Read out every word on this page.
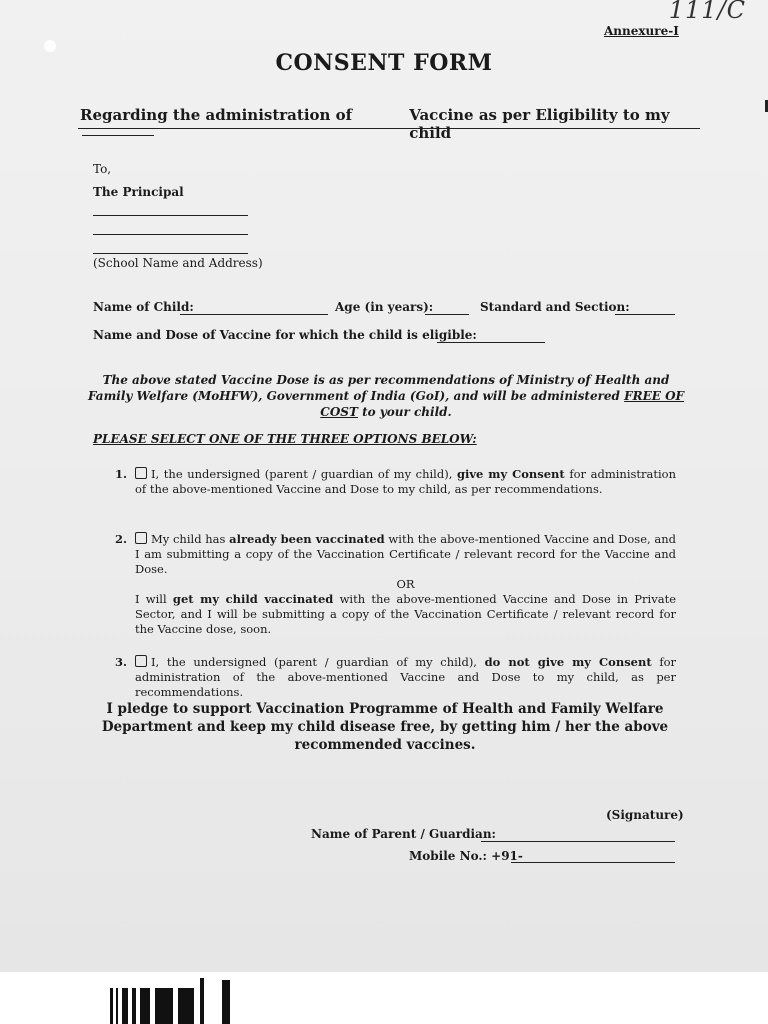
111/C
Annexure-I
CONSENT FORM
Regarding the administration of	Vaccine as per Eligibility to my child
To,
The Principal
(School Name and Address)
Name of Child:	Age (in years):	Standard and Section:
Name and Dose of Vaccine for which the child is eligible:
The above stated Vaccine Dose is as per recommendations of Ministry of Health and Family Welfare (MoHFW), Government of India (GoI), and will be administered FREE OF COST to your child.
PLEASE SELECT ONE OF THE THREE OPTIONS BELOW:
1.	I, the undersigned (parent / guardian of my child), give my Consent for administration of the above-mentioned Vaccine and Dose to my child, as per recommendations.
2.	My child has already been vaccinated with the above-mentioned Vaccine and Dose, and I am submitting a copy of the Vaccination Certificate / relevant record for the Vaccine and Dose.
OR
I will get my child vaccinated with the above-mentioned Vaccine and Dose in Private Sector, and I will be submitting a copy of the Vaccination Certificate / relevant record for the Vaccine dose, soon.
3.	I, the undersigned (parent / guardian of my child), do not give my Consent for administration of the above-mentioned Vaccine and Dose to my child, as per recommendations.
I pledge to support Vaccination Programme of Health and Family Welfare Department and keep my child disease free, by getting him / her the above recommended vaccines.
(Signature)
Name of Parent / Guardian:
Mobile No.: +91-
